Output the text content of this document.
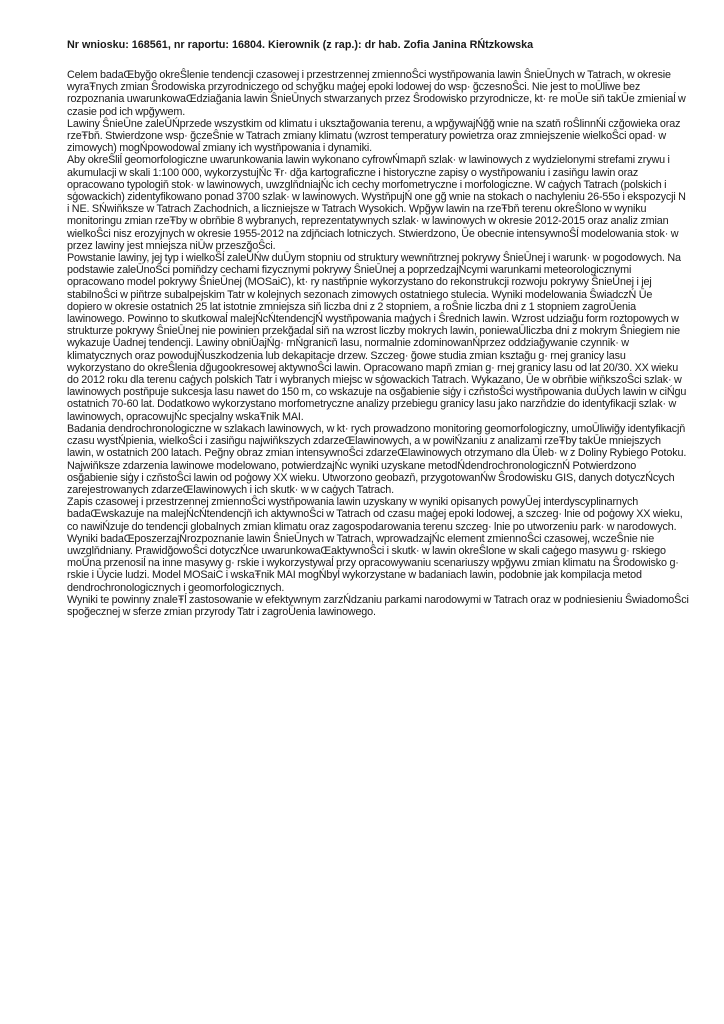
Nr wniosku: 168561, nr raportu: 16804. Kierownik (z rap.): dr hab. Zofia Janina RŃtzkowska

Celem badaŒbyğo okreŜlenie tendencji czasowej i przestrzennej zmiennoŜci wystňpowania lawin ŜnieŪnych w Tatrach, w okresie wyraŦnych zmian Ŝrodowiska przyrodniczego od schyğku maģej epoki lodowej do wsp· ğczesnoŜci. Nie jest to moŪliwe bez rozpoznania uwarunkowaŒdziağania lawin ŜnieŪnych stwarzanych przez Ŝrodowisko przyrodnicze, kt· re moŪe siň takŪe zmieniaĺ w czasie pod ich wpğywem.

Lawiny ŜnieŪne zaleŪŃprzede wszystkim od klimatu i uksztağowania terenu, a wpğywajŃğğ wnie na szatň roŜlinnŃi czğowieka oraz rzeŦbň. Stwierdzone wsp· ğczeŜnie w Tatrach zmiany klimatu (wzrost temperatury powietrza oraz zmniejszenie wielkoŜci opad· w zimowych) mogŃpowodowaĺ zmiany ich wystňpowania i dynamiki.

Aby okreŜliĺ geomorfologiczne uwarunkowania lawin wykonano cyfrowŃmapň szlak· w lawinowych z wydzielonymi strefami zrywu i akumulacji w skali 1:100 000, wykorzystujŃc Ŧr· dğa kartograficzne i historyczne zapisy o wystňpowaniu i zasiňgu lawin oraz opracowano typologiň stok· w lawinowych, uwzglňdniajŃc ich cechy morfometryczne i morfologiczne. W caģych Tatrach (polskich i sģowackich) zidentyfikowano ponad 3700 szlak· w lawinowych. WystňpujŃ one gğ wnie na stokach o nachyleniu 26-55o i ekspozycji N i NE. SŃwiňksze w Tatrach Zachodnich, a liczniejsze w Tatrach Wysokich. Wpğyw lawin na rzeŦbň terenu okreŜlono w wyniku monitoringu zmian rzeŦby w obrňbie 8 wybranych, reprezentatywnych szlak· w lawinowych w okresie 2012-2015 oraz analiz zmian wielkoŜci nisz erozyjnych w okresie 1955-2012 na zdjňciach lotniczych. Stwierdzono, Ūe obecnie intensywnoŜĺ modelowania stok· w przez lawiny jest mniejsza niŪw przeszğoŜci.

Powstanie lawiny, jej typ i wielkoŜĺ zaleŪŃw duŪym stopniu od struktury wewnňtrznej pokrywy ŜnieŪnej i warunk· w pogodowych. Na podstawie zaleŪnoŜci pomiňdzy cechami fizycznymi pokrywy ŜnieŪnej a poprzedzajŃcymi warunkami meteorologicznymi opracowano model pokrywy ŜnieŪnej (MOSaiC), kt· ry nastňpnie wykorzystano do rekonstrukcji rozwoju pokrywy ŜnieŪnej i jej stabilnoŜci w piňtrze subalpejskim Tatr w kolejnych sezonach zimowych ostatniego stulecia. Wyniki modelowania ŜwiadczŃ Ūe dopiero w okresie ostatnich 25 lat istotnie zmniejsza siň liczba dni z 2 stopniem, a roŜnie liczba dni z 1 stopniem zagroŪenia lawinowego. Powinno to skutkowaĺ malejŃcŃtendencjŃ wystňpowania maģych i Ŝrednich lawin. Wzrost udziağu form roztopowych w strukturze pokrywy ŜnieŪnej nie powinien przekğadaĺ siň na wzrost liczby mokrych lawin, poniewaŪliczba dni z mokrym Ŝniegiem nie wykazuje Ūadnej tendencji. Lawiny obniŪajŃg· rnŃgranicň lasu, normalnie zdominowanŃprzez oddziağywanie czynnik· w klimatycznych oraz powodujŃuszkodzenia lub dekapitacje drzew. Szczeg· ğowe studia zmian ksztağu g· rnej granicy lasu wykorzystano do okreŜlenia dğugookresowej aktywnoŜci lawin. Opracowano mapň zmian g· rnej granicy lasu od lat 20/30. XX wieku do 2012 roku dla terenu caģych polskich Tatr i wybranych miejsc w sģowackich Tatrach. Wykazano, Ūe w obrňbie wiňkszoŜci szlak· w lawinowych postňpuje sukcesja lasu nawet do 150 m, co wskazuje na osğabienie siģy i czňstoŜci wystňpowania duŪych lawin w ciŃgu ostatnich 70-60 lat. Dodatkowo wykorzystano morfometryczne analizy przebiegu granicy lasu jako narzňdzie do identyfikacji szlak· w lawinowych, opracowujŃc specjalny wskaŦnik MAI.

Badania dendrochronologiczne w szlakach lawinowych, w kt· rych prowadzono monitoring geomorfologiczny, umoŪliwiğy identyfikacjň czasu wystŃpienia, wielkoŜci i zasiňgu najwiňkszych zdarzeŒlawinowych, a w powiŃzaniu z analizami rzeŦby takŪe mniejszych lawin, w ostatnich 200 latach. Peğny obraz zmian intensywnoŜci zdarzeŒlawinowych otrzymano dla Ūleb· w z Doliny Rybiego Potoku. Najwiňksze zdarzenia lawinowe modelowano, potwierdzajŃc wyniki uzyskane metodŃdendrochronologicznŃ Potwierdzono osğabienie siģy i czňstoŜci lawin od poģowy XX wieku. Utworzono geobazň, przygotowanŃw Ŝrodowisku GIS, danych dotyczŃcych zarejestrowanych zdarzeŒlawinowych i ich skutk· w w caģych Tatrach.

Zapis czasowej i przestrzennej zmiennoŜci wystňpowania lawin uzyskany w wyniki opisanych powyŪej interdyscyplinarnych badaŒwskazuje na malejŃcŃtendencjň ich aktywnoŜci w Tatrach od czasu maģej epoki lodowej, a szczeg· lnie od poģowy XX wieku, co nawiŃzuje do tendencji globalnych zmian klimatu oraz zagospodarowania terenu szczeg· lnie po utworzeniu park· w narodowych.

Wyniki badaŒposzerzajŃrozpoznanie lawin ŜnieŪnych w Tatrach, wprowadzajŃc element zmiennoŜci czasowej, wczeŜnie nie uwzglňdniany. PrawidğowoŜci dotyczŃce uwarunkowaŒaktywnoŜci i skutk· w lawin okreŜlone w skali caģego masywu g· rskiego moŪna przenosiĺ na inne masywy g· rskie i wykorzystywaĺ przy opracowywaniu scenariuszy wpğywu zmian klimatu na Ŝrodowisko g· rskie i Ūycie ludzi. Model MOSaiC i wskaŦnik MAI mogŃbyĺ wykorzystane w badaniach lawin, podobnie jak kompilacja metod dendrochronologicznych i geomorfologicznych.

Wyniki te powinny znaleŦĺ zastosowanie w efektywnym zarzŃdzaniu parkami narodowymi w Tatrach oraz w podniesieniu ŜwiadomoŜci spoğecznej w sferze zmian przyrody Tatr i zagroŪenia lawinowego.
